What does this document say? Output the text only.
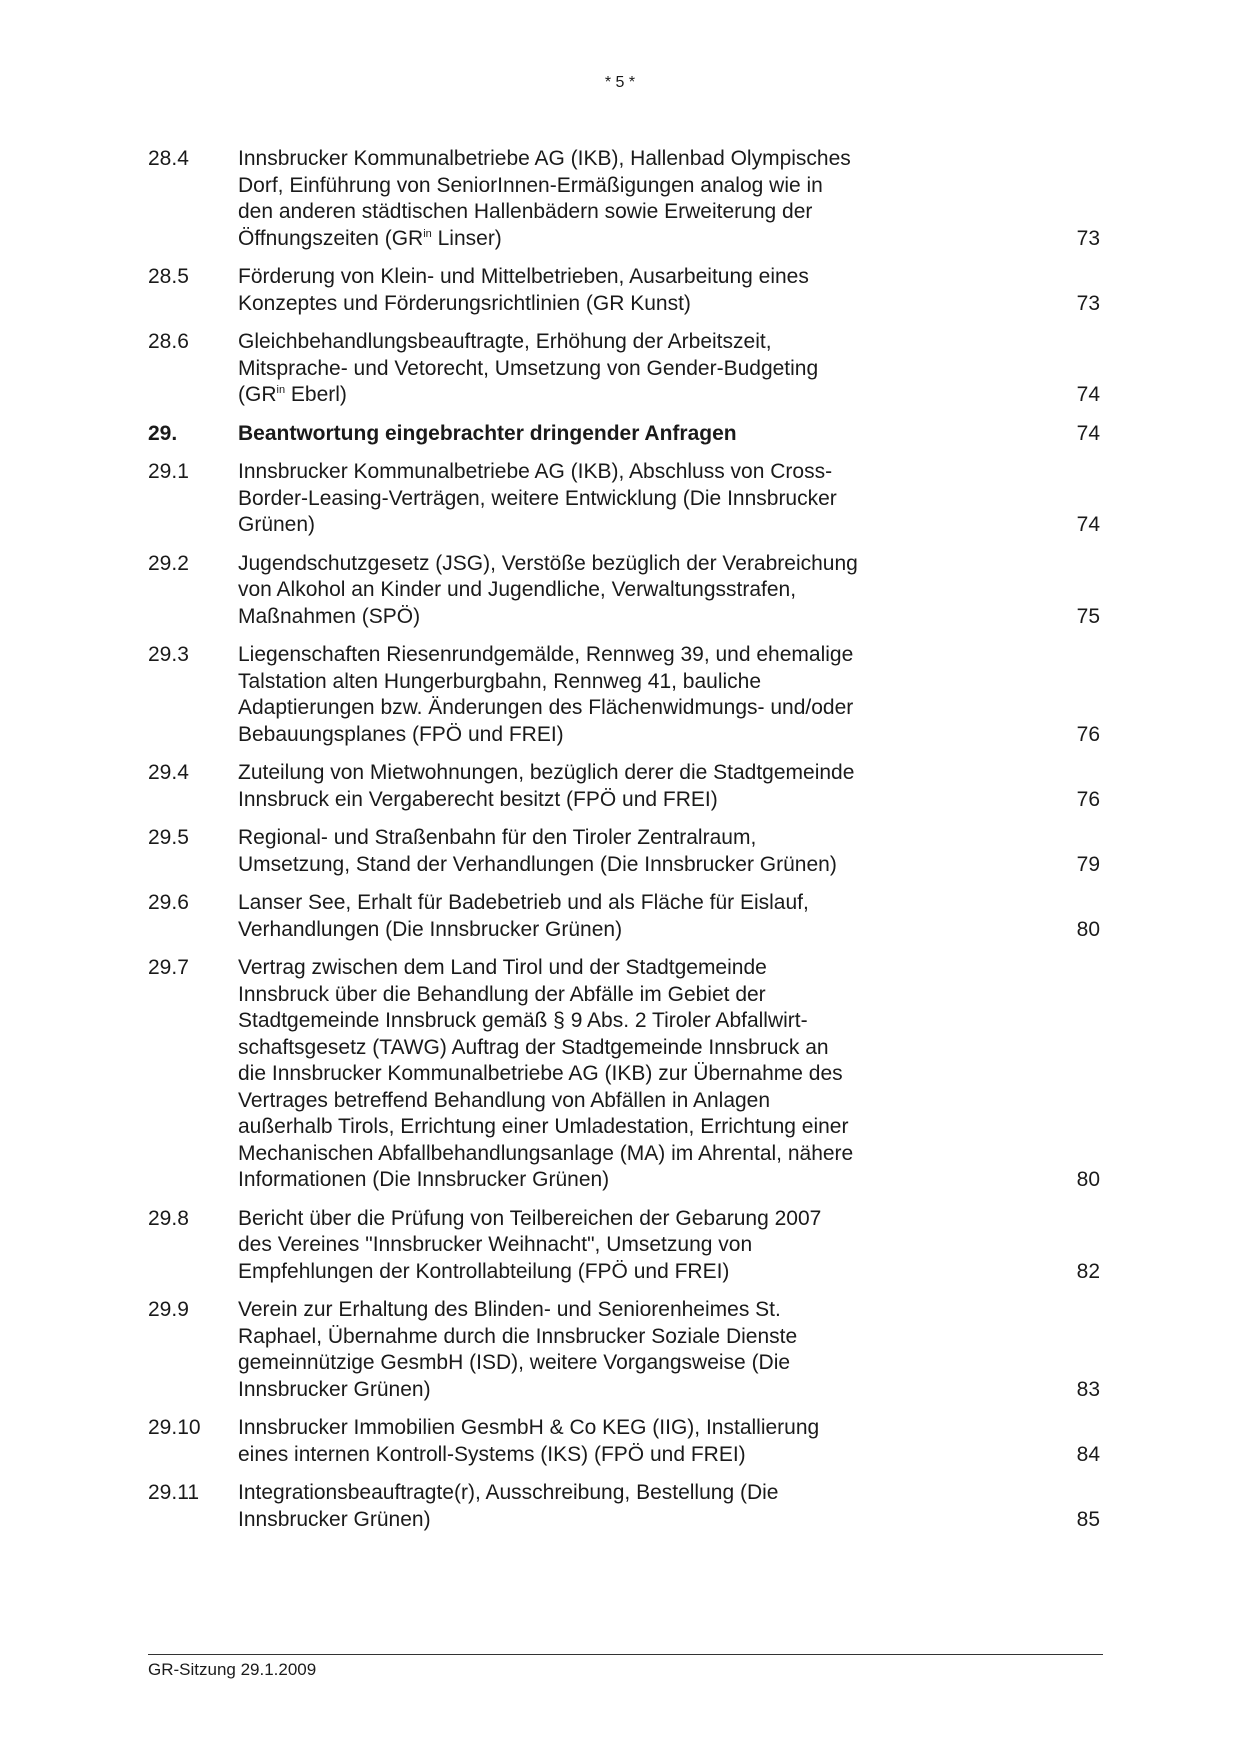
* 5 *
28.4	Innsbrucker Kommunalbetriebe AG (IKB), Hallenbad Olympisches
Dorf, Einführung von SeniorInnen-Ermäßigungen analog wie in
den anderen städtischen Hallenbädern sowie Erweiterung der
Öffnungszeiten ($GR^{in}$ Linser)	73
28.5	Förderung von Klein- und Mittelbetrieben, Ausarbeitung eines
Konzeptes und Förderungsrichtlinien (GR Kunst)	73
28.6	Gleichbehandlungsbeauftragte, Erhöhung der Arbeitszeit,
Mitsprache- und Vetorecht, Umsetzung von Gender-Budgeting
($GR^{in}$ Eberl)	74
29.	Beantwortung eingebrachter dringender Anfragen	74
29.1	Innsbrucker Kommunalbetriebe AG (IKB), Abschluss von Cross-
Border-Leasing-Verträgen, weitere Entwicklung (Die Innsbrucker
Grünen)	74
29.2	Jugendschutzgesetz (JSG), Verstöße bezüglich der Verabreichung
von Alkohol an Kinder und Jugendliche, Verwaltungsstrafen,
Maßnahmen (SPÖ)	75
29.3	Liegenschaften Riesenrundgemälde, Rennweg 39, und ehemalige
Talstation alten Hungerburgbahn, Rennweg 41, bauliche
Adaptierungen bzw. Änderungen des Flächenwidmungs- und/oder
Bebauungsplanes (FPÖ und FREI)	76
29.4	Zuteilung von Mietwohnungen, bezüglich derer die Stadtgemeinde
Innsbruck ein Vergaberecht besitzt (FPÖ und FREI)	76
29.5	Regional- und Straßenbahn für den Tiroler Zentralraum,
Umsetzung, Stand der Verhandlungen (Die Innsbrucker Grünen)	79
29.6	Lanser See, Erhalt für Badebetrieb und als Fläche für Eislauf,
Verhandlungen (Die Innsbrucker Grünen)	80
29.7	Vertrag zwischen dem Land Tirol und der Stadtgemeinde
Innsbruck über die Behandlung der Abfälle im Gebiet der
Stadtgemeinde Innsbruck gemäß § 9 Abs. 2 Tiroler Abfallwirt-
schaftsgesetz (TAWG) Auftrag der Stadtgemeinde Innsbruck an
die Innsbrucker Kommunalbetriebe AG (IKB) zur Übernahme des
Vertrages betreffend Behandlung von Abfällen in Anlagen
außerhalb Tirols, Errichtung einer Umladestation, Errichtung einer
Mechanischen Abfallbehandlungsanlage (MA) im Ahrental, nähere
Informationen (Die Innsbrucker Grünen)	80
29.8	Bericht über die Prüfung von Teilbereichen der Gebarung 2007
des Vereines "Innsbrucker Weihnacht", Umsetzung von
Empfehlungen der Kontrollabteilung (FPÖ und FREI)	82
29.9	Verein zur Erhaltung des Blinden- und Seniorenheimes St.
Raphael, Übernahme durch die Innsbrucker Soziale Dienste
gemeinnützige GesmbH (ISD), weitere Vorgangsweise (Die
Innsbrucker Grünen)	83
29.10	Innsbrucker Immobilien GesmbH & Co KEG (IIG), Installierung
eines internen Kontroll-Systems (IKS) (FPÖ und FREI)	84
29.11	Integrationsbeauftragte(r), Ausschreibung, Bestellung (Die
Innsbrucker Grünen)	85
GR-Sitzung 29.1.2009
